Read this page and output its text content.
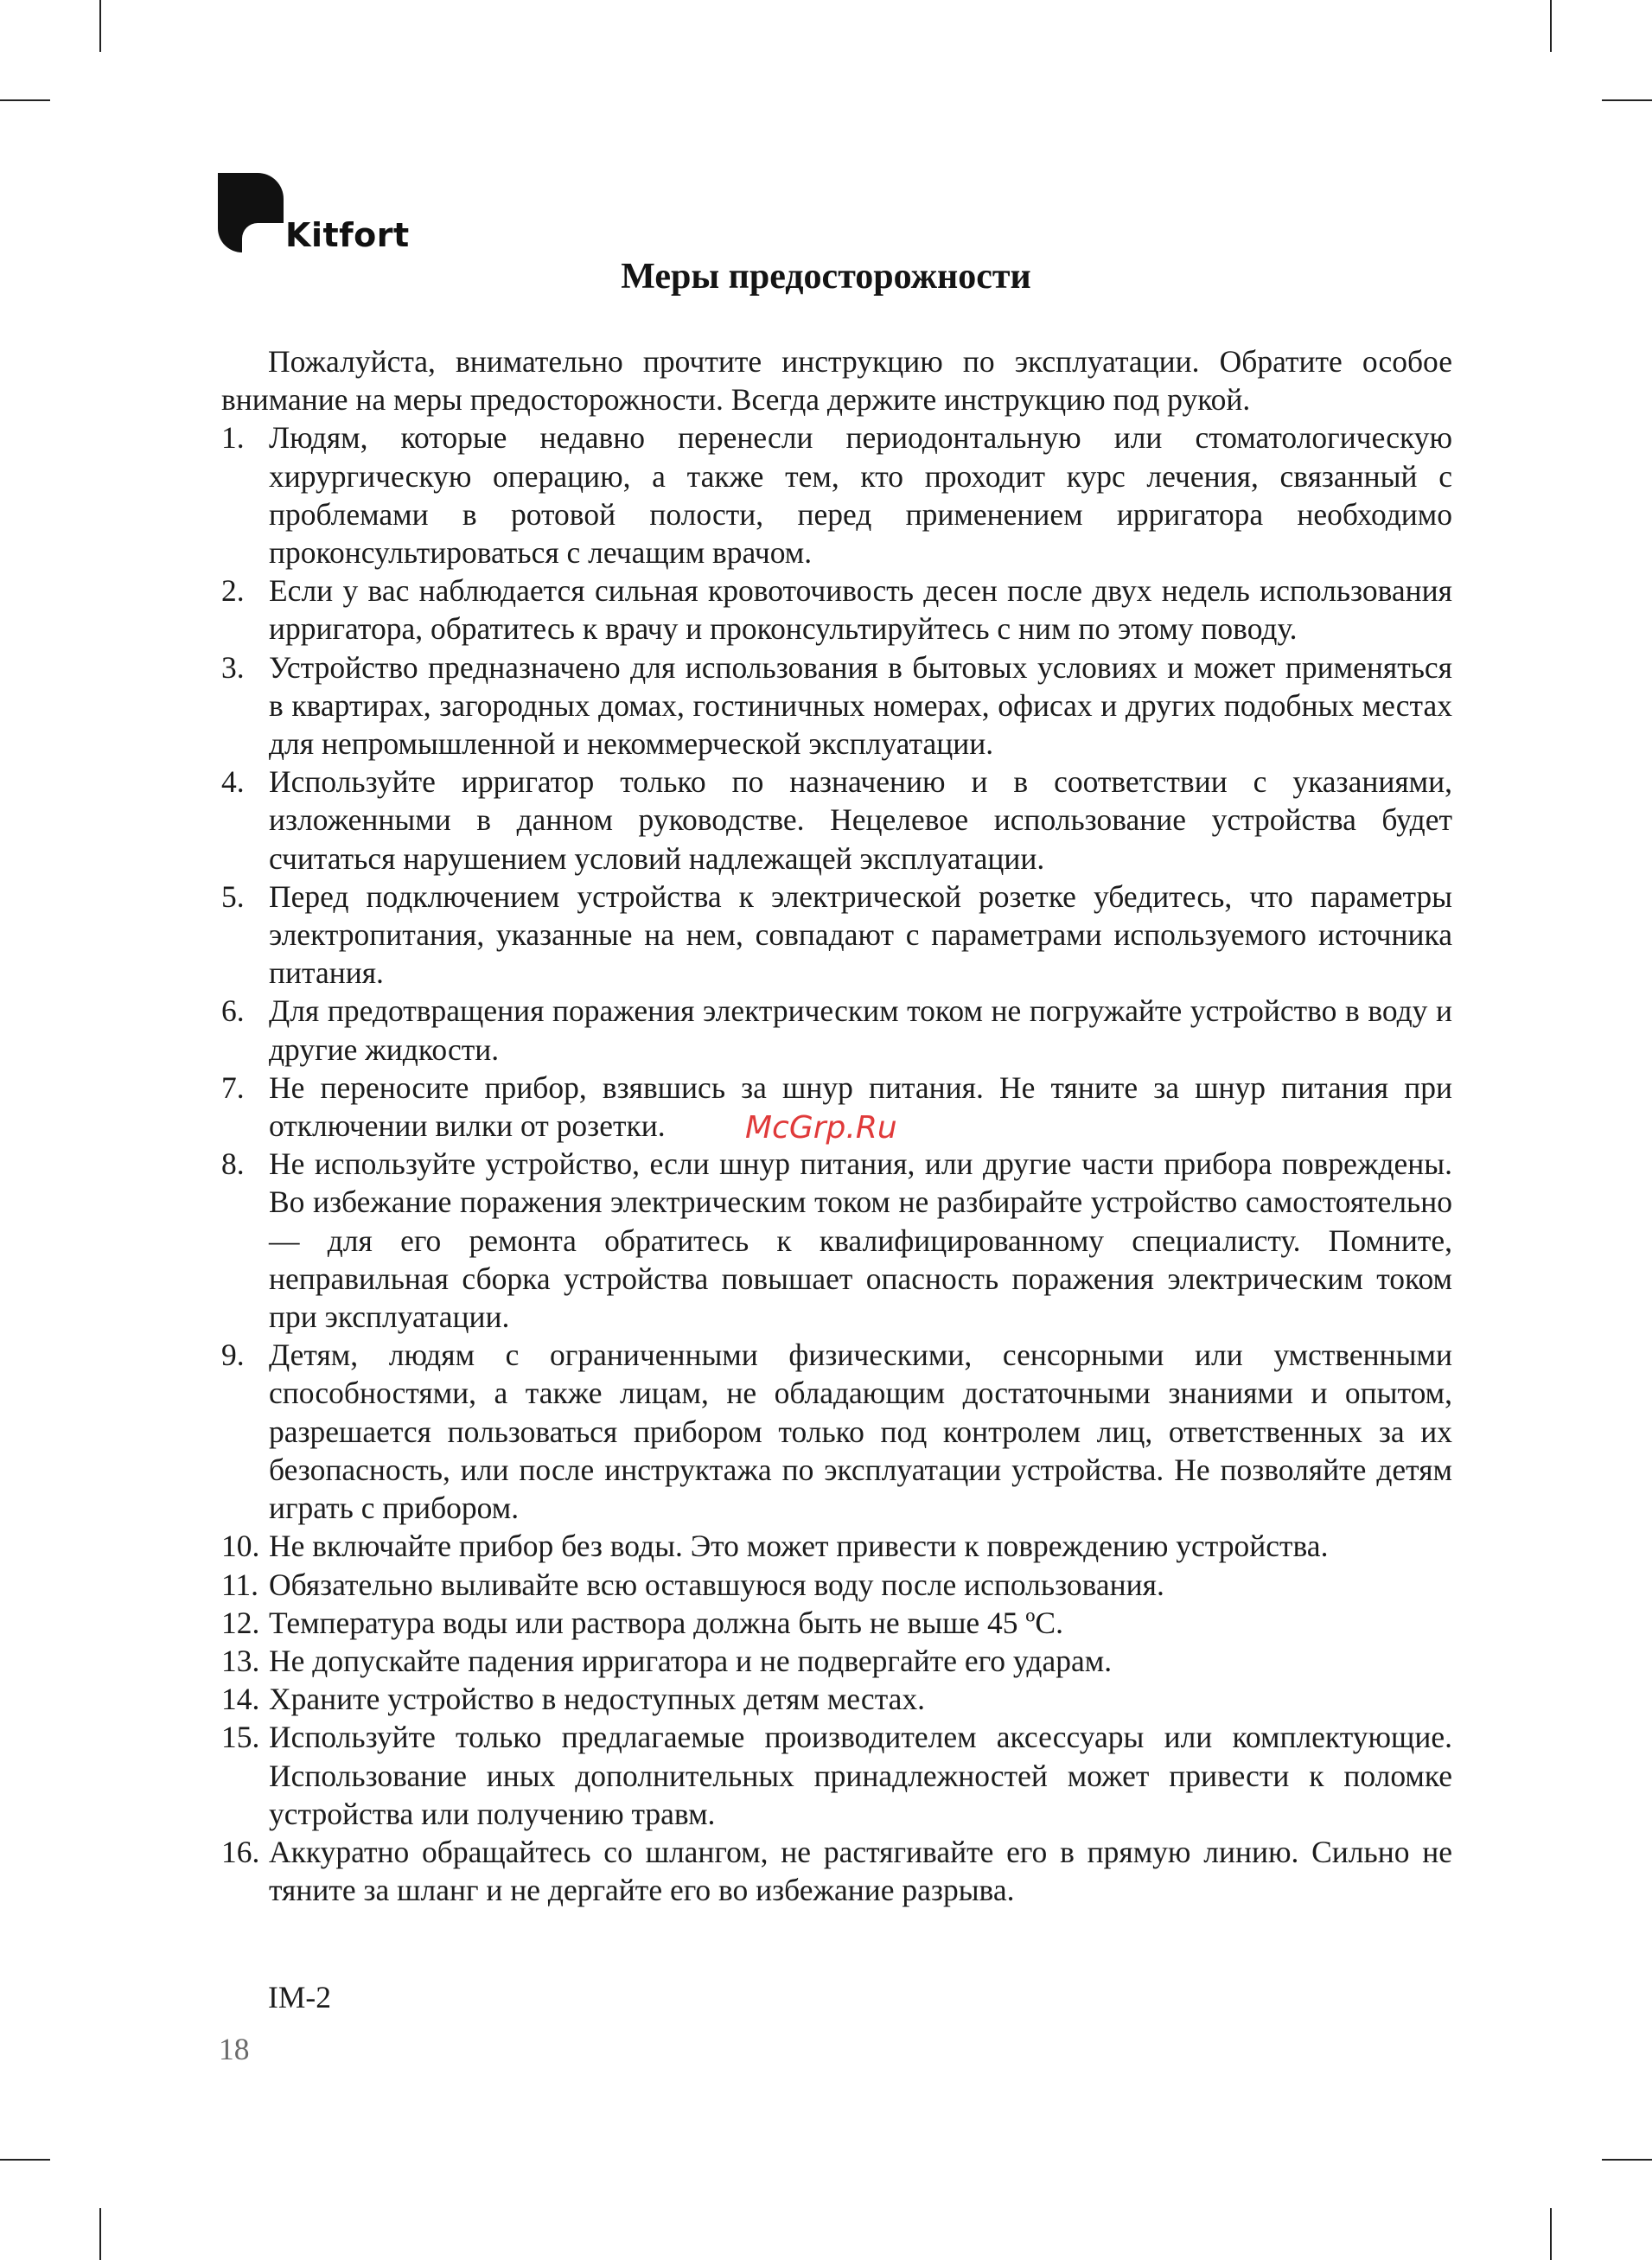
Kitfort
Меры предосторожности

Пожалуйста, внимательно прочтите инструкцию по эксплуатации. Обратите особое внимание на меры предосторожности. Всегда держите инструкцию под рукой.

1. Людям, которые недавно перенесли периодонтальную или стоматологическую хирургическую операцию, а также тем, кто проходит курс лечения, связанный с проблемами в ротовой полости, перед применением ирригатора необходимо проконсультироваться с лечащим врачом.
2. Если у вас наблюдается сильная кровоточивость десен после двух недель использования ирригатора, обратитесь к врачу и проконсультируйтесь с ним по этому поводу.
3. Устройство предназначено для использования в бытовых условиях и может применяться в квартирах, загородных домах, гостиничных номерах, офисах и других подобных местах для непромышленной и некоммерческой эксплуатации.
4. Используйте ирригатор только по назначению и в соответствии с указаниями, изложенными в данном руководстве. Нецелевое использование устройства будет считаться нарушением условий надлежащей эксплуатации.
5. Перед подключением устройства к электрической розетке убедитесь, что параметры электропитания, указанные на нем, совпадают с параметрами используемого источника питания.
6. Для предотвращения поражения электрическим током не погружайте устройство в воду и другие жидкости.
7. Не переносите прибор, взявшись за шнур питания. Не тяните за шнур питания при отключении вилки от розетки.
8. Не используйте устройство, если шнур питания, или другие части прибора повреждены. Во избежание поражения электрическим током не разбирайте устройство самостоятельно — для его ремонта обратитесь к квалифицированному специалисту. Помните, неправильная сборка устройства повышает опасность поражения электрическим током при эксплуатации.
9. Детям, людям с ограниченными физическими, сенсорными или умственными способностями, а также лицам, не обладающим достаточными знаниями и опытом, разрешается пользоваться прибором только под контролем лиц, ответственных за их безопасность, или после инструктажа по эксплуатации устройства. Не позволяйте детям играть с прибором.
10. Не включайте прибор без воды. Это может привести к повреждению устройства.
11. Обязательно выливайте всю оставшуюся воду после использования.
12. Температура воды или раствора должна быть не выше 45 ºС.
13. Не допускайте падения ирригатора и не подвергайте его ударам.
14. Храните устройство в недоступных детям местах.
15. Используйте только предлагаемые производителем аксессуары или комплектующие. Использование иных дополнительных принадлежностей может привести к поломке устройства или получению травм.
16. Аккуратно обращайтесь со шлангом, не растягивайте его в прямую линию. Сильно не тяните за шланг и не дергайте его во избежание разрыва.
McGrp.Ru
IM-2
18
